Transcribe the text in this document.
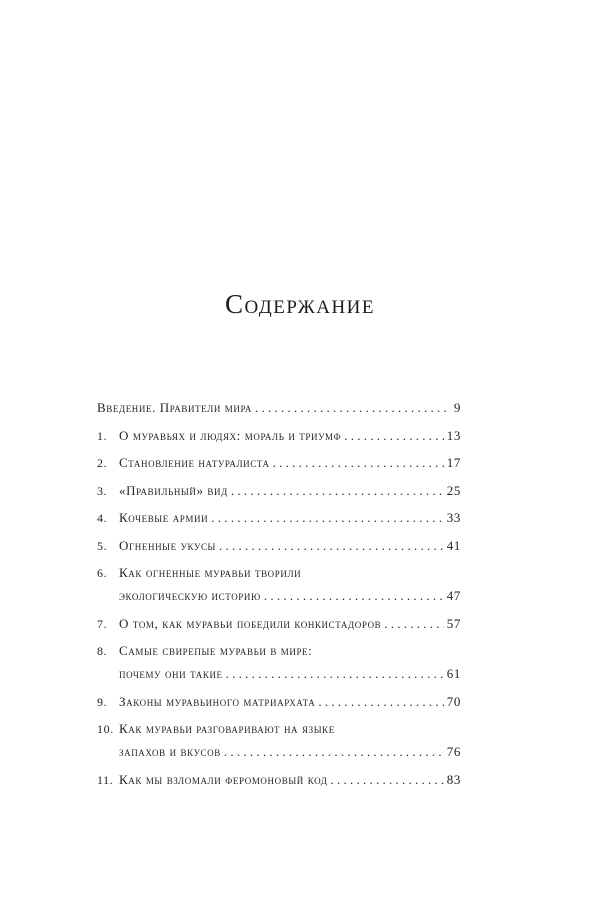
Содержание
Введение. Правители мира . . .	9
1. О муравьях и людях: мораль и триумф . . .	13
2. Становление натуралиста . . .	17
3. «Правильный» вид . . .	25
4. Кочевые армии . . .	33
5. Огненные укусы . . .	41
6. Как огненные муравьи творили
экологическую историю . . .	47
7. О том, как муравьи победили конкистадоров . . .	57
8. Самые свирепые муравьи в мире:
почему они такие . . .	61
9. Законы муравьиного матриархата . . .	70
10. Как муравьи разговаривают на языке
запахов и вкусов . . .	76
11. Как мы взломали феромоновый код . . .	83
